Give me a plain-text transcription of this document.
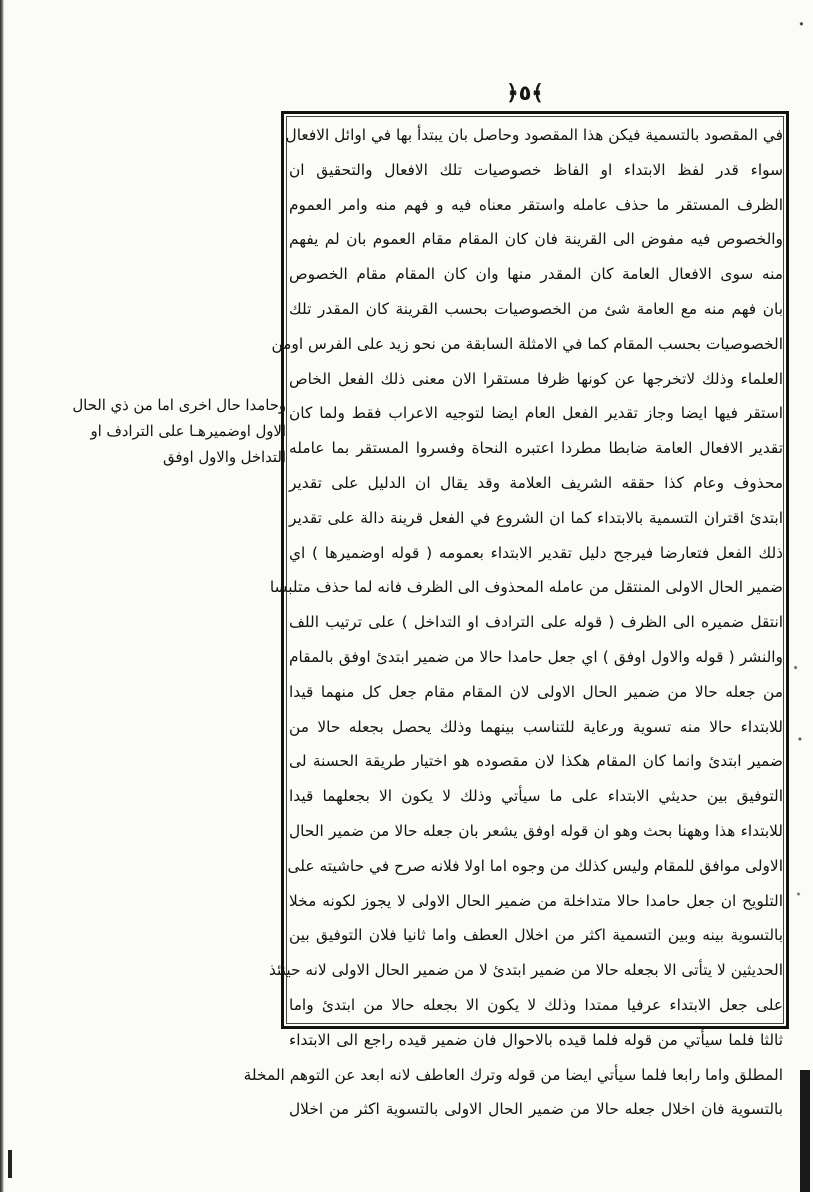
﴿٥﴾
وحامدا حال اخرى اما من ذي الحال
الاول اوضميرهـا على الترادف او
التداخل والاول اوفق
في المقصود بالتسمية فيكن هذا المقصود وحاصل بان يبتدأ بها في اوائل الافعال
سواء قدر لفظ الابتداء او الفاظ خصوصيات تلك الافعال والتحقيق ان
الظرف المستقر ما حذف عامله واستقر معناه فيه و فهم منه وامر العموم
والخصوص فيه مفوض الى القرينة فان كان المقام مقام العموم بان لم يفهم
منه سوى الافعال العامة كان المقدر منها وان كان المقام مقام الخصوص
بان فهم منه مع العامة شئ من الخصوصيات بحسب القرينة كان المقدر تلك
الخصوصيات بحسب المقام كما في الامثلة السابقة من نحو زيد على الفرس اومن
العلماء وذلك لاتخرجها عن كونها ظرفا مستقرا الان معنى ذلك الفعل الخاص
استقر فيها ايضا وجاز تقدير الفعل العام ايضا لتوجيه الاعراب فقط ولما كان
تقدير الافعال العامة ضابطا مطردا اعتبره النحاة وفسروا المستقر بما عامله
محذوف وعام كذا حققه الشريف العلامة وقد يقال ان الدليل على تقدير
ابتدئ اقتران التسمية بالابتداء كما ان الشروع في الفعل قرينة دالة على تقدير
ذلك الفعل فتعارضا فيرجح دليل تقدير الابتداء بعمومه ( قوله اوضميرها ) اي
ضمير الحال الاولى المنتقل من عامله المحذوف الى الظرف فانه لما حذف متلبسا
انتقل ضميره الى الظرف ( قوله على الترادف او التداخل ) على ترتيب اللف
والنشر ( قوله والاول اوفق ) اي جعل حامدا حالا من ضمير ابتدئ اوفق بالمقام
من جعله حالا من ضمير الحال الاولى لان المقام مقام جعل كل منهما قيدا
للابتداء حالا منه تسوية ورعاية للتناسب بينهما وذلك يحصل بجعله حالا من
ضمير ابتدئ وانما كان المقام هكذا لان مقصوده هو اختيار طريقة الحسنة لى
التوفيق بين حديثي الابتداء على ما سيأتي وذلك لا يكون الا بجعلهما قيدا
للابتداء هذا وههنا بحث وهو ان قوله اوفق يشعر بان جعله حالا من ضمير الحال
الاولى موافق للمقام وليس كذلك من وجوه اما اولا فلانه صرح في حاشيته على
التلويح ان جعل حامدا حالا متداخلة من ضمير الحال الاولى لا يجوز لكونه مخلا
بالتسوية بينه وبين التسمية اكثر من اخلال العطف واما ثانيا فلان التوفيق بين
الحديثين لا يتأتى الا بجعله حالا من ضمير ابتدئ لا من ضمير الحال الاولى لانه حينئذ
على جعل الابتداء عرفيا ممتدا وذلك لا يكون الا بجعله حالا من ابتدئ واما
ثالثا فلما سيأتي من قوله فلما قيده بالاحوال فان ضمير قيده راجع الى الابتداء
المطلق واما رابعا فلما سيأتي ايضا من قوله وترك العاطف لانه ابعد عن التوهم المخلة
بالتسوية فان اخلال جعله حالا من ضمير الحال الاولى بالتسوية اكثر من اخلال
